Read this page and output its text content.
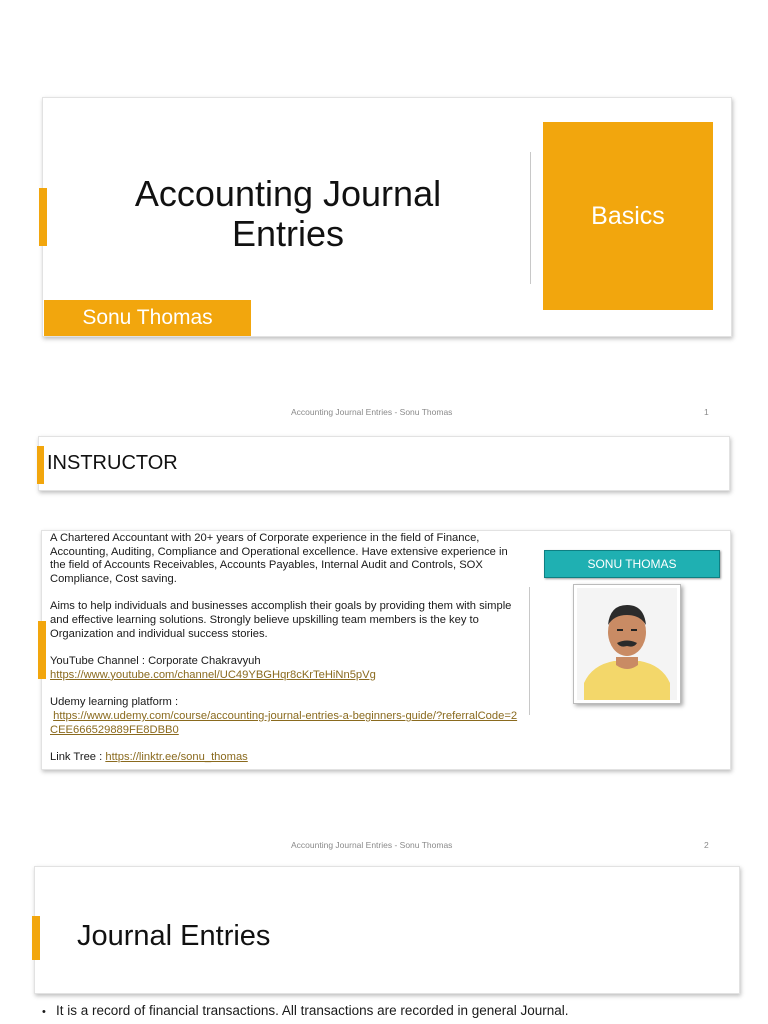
Accounting Journal Entries
Sonu Thomas
Basics
Accounting Journal Entries - Sonu Thomas	1
INSTRUCTOR

A Chartered Accountant with 20+ years of Corporate experience in the field of Finance, Accounting, Auditing, Compliance and Operational excellence. Have extensive experience in the field of Accounts Receivables, Accounts Payables, Internal Audit and Controls, SOX Compliance, Cost saving.

Aims to help individuals and businesses accomplish their goals by providing them with simple and effective learning solutions. Strongly believe upskilling team members is the key to Organization and individual success stories.

YouTube Channel : Corporate Chakravyuh
https://www.youtube.com/channel/UC49YBGHqr8cKrTeHiNn5pVg

Udemy learning platform :
https://www.udemy.com/course/accounting-journal-entries-a-beginners-guide/?referralCode=2CEE666529889FE8DBB0

Link Tree : https://linktr.ee/sonu_thomas

SONU THOMAS
Accounting Journal Entries - Sonu Thomas	2
Journal Entries
• It is a record of financial transactions. All transactions are recorded in general Journal.
